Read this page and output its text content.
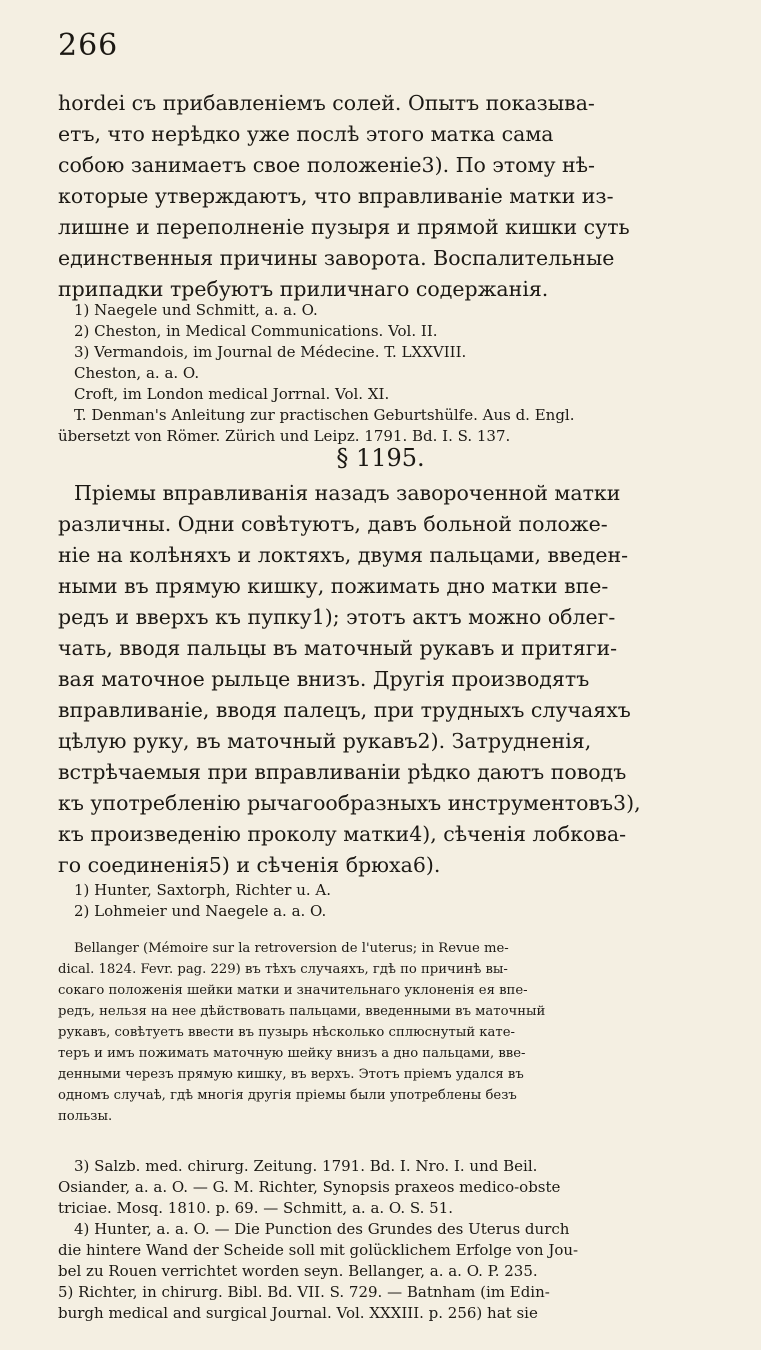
266
hordei съ прибавленіемъ солей. Опытъ показыва-
етъ, что нерѣдко уже послѣ этого матка сама
собою занимаетъ свое положеніе3). По этому нѣ-
которые утверждаютъ, что вправливаніе матки из-
лишне и переполненіе пузыря и прямой кишки суть
единственныя причины заворота. Воспалительные
припадки требуютъ приличнаго содержанія.
1) Naegele und Schmitt, a. a. O.
2) Cheston, in Medical Communications. Vol. II.
3) Vermandois, im Journal de Médecine. T. LXXVIII.
Cheston, a. a. O.
Croft, im London medical Jorrnal. Vol. XI.
T. Denman's Anleitung zur practischen Geburtshülfe. Aus d. Engl.
übersetzt von Römer. Zürich und Leipz. 1791. Bd. I. S. 137.
§ 1195.
Пріемы вправливанія назадъ завороченной матки
различны. Одни совѣтуютъ, давъ больной положе-
ніе на колѣняхъ и локтяхъ, двумя пальцами, введен-
ными въ прямую кишку, пожимать дно матки впе-
редъ и вверхъ къ пупку1); этотъ актъ можно облег-
чать, вводя пальцы въ маточный рукавъ и притяги-
вая маточное рыльце внизъ. Другія производятъ
вправливаніе, вводя палецъ, при трудныхъ случаяхъ
цѣлую руку, въ маточный рукавъ2). Затрудненія,
встрѣчаемыя при вправливаніи рѣдко даютъ поводъ
къ употребленію рычагообразныхъ инструментовъ3),
къ произведенію проколу матки4), сѣченія лобкова-
го соединенія5) и сѣченія брюха6).
1) Hunter, Saxtorph, Richter u. A.
2) Lohmeier und Naegele a. a. O.
Bellanger (Mémoire sur la retroversion de l'uterus; in Revue me-
dical. 1824. Fevr. pag. 229) въ тѣхъ случаяхъ, гдѣ по причинѣ вы-
сокаго положенія шейки матки и значительнаго уклоненія ея впе-
редъ, нельзя на нее дѣйствовать пальцами, введенными въ маточный
рукавъ, совѣтуетъ ввести въ пузырь нѣсколько сплюснутый катe-
теръ и имъ пожимать маточную шейку внизъ а дно пальцами, вве-
денными черезъ прямую кишку, въ верхъ. Этотъ пріемъ удался въ
одномъ случаѣ, гдѣ многія другія пріемы были употреблены безъ
пользы.
3) Salzb. med. chirurg. Zeitung. 1791. Bd. I. Nro. I. und Beil.
Osiander, a. a. O. — G. M. Richter, Synopsis praxeos medico-obste
triciae. Mosq. 1810. p. 69. — Schmitt, a. a. O. S. 51.
4) Hunter, a. a. O. — Die Punction des Grundes des Uterus durch
die hintere Wand der Scheide soll mit golücklichem Erfolge von Jou-
bel zu Rouen verrichtet worden seyn. Bellanger, a. a. O. P. 235.
5) Richter, in chirurg. Bibl. Bd. VII. S. 729. — Batnham (im Edin-
burgh medical and surgical Journal. Vol. XXXIII. p. 256) hat sie
